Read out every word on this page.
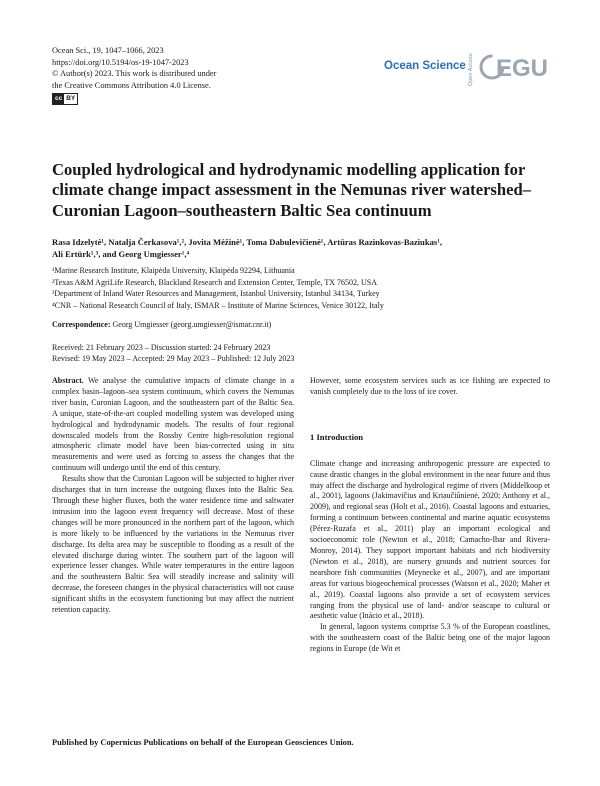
Ocean Sci., 19, 1047–1066, 2023
https://doi.org/10.5194/os-19-1047-2023
© Author(s) 2023. This work is distributed under
the Creative Commons Attribution 4.0 License.
cc BY
Ocean Science Open Access EGU
Coupled hydrological and hydrodynamic modelling application for climate change impact assessment in the Nemunas river watershed–Curonian Lagoon–southeastern Baltic Sea continuum
Rasa Idzelytė¹, Natalja Čerkasova¹,², Jovita Mėžinė¹, Toma Dabulevičienė¹, Artūras Razinkovas-Baziukas¹,
Ali Ertürk¹,³, and Georg Umgiesser¹,⁴
¹Marine Research Institute, Klaipėda University, Klaipėda 92294, Lithuania
²Texas A&M AgriLife Research, Blackland Research and Extension Center, Temple, TX 76502, USA
³Department of Inland Water Resources and Management, Istanbul University, Istanbul 34134, Turkey
⁴CNR – National Research Council of Italy, ISMAR – Institute of Marine Sciences, Venice 30122, Italy
Correspondence: Georg Umgiesser (georg.umgiesser@ismar.cnr.it)
Received: 21 February 2023 – Discussion started: 24 February 2023
Revised: 19 May 2023 – Accepted: 29 May 2023 – Published: 12 July 2023

Abstract. We analyse the cumulative impacts of climate change in a complex basin–lagoon–sea system continuum, which covers the Nemunas river basin, Curonian Lagoon, and the southeastern part of the Baltic Sea. A unique, state-of-the-art coupled modelling system was developed using hydrological and hydrodynamic models. The results of four regional downscaled models from the Rossby Centre high-resolution regional atmospheric climate model have been bias-corrected using in situ measurements and were used as forcing to assess the changes that the continuum will undergo until the end of this century.

Results show that the Curonian Lagoon will be subjected to higher river discharges that in turn increase the outgoing fluxes into the Baltic Sea. Through these higher fluxes, both the water residence time and saltwater intrusion into the lagoon event frequency will decrease. Most of these changes will be more pronounced in the northern part of the lagoon, which is more likely to be influenced by the variations in the Nemunas river discharge. Its delta area may be susceptible to flooding as a result of the elevated discharge during winter. The southern part of the lagoon will experience lesser changes. While water temperatures in the entire lagoon and the southeastern Baltic Sea will steadily increase and salinity will decrease, the foreseen changes in the physical characteristics will not cause significant shifts in the ecosystem functioning but may affect the nutrient retention capacity.

However, some ecosystem services such as ice fishing are expected to vanish completely due to the loss of ice cover.

1 Introduction

Climate change and increasing anthropogenic pressure are expected to cause drastic changes in the global environment in the near future and thus may affect the discharge and hydrological regime of rivers (Middelkoop et al., 2001), lagoons (Jakimavičius and Kriaučiūnienė, 2020; Anthony et al., 2009), and regional seas (Holt et al., 2016). Coastal lagoons and estuaries, forming a continuum between continental and marine aquatic ecosystems (Pérez-Ruzafa et al., 2011) play an important ecological and socioeconomic role (Newton et al., 2018; Camacho-Ibar and Rivera-Monroy, 2014). They support important habitats and rich biodiversity (Newton et al., 2018), are nursery grounds and nutrient sources for nearshore fish communities (Meynecke et al., 2007), and are important areas for various biogeochemical processes (Watson et al., 2020; Maher et al., 2019). Coastal lagoons also provide a set of ecosystem services ranging from the physical use of land- and/or seascape to cultural or aesthetic value (Inácio et al., 2018).

In general, lagoon systems comprise 5.3 % of the European coastlines, with the southeastern coast of the Baltic being one of the major lagoon regions in Europe (de Wit et

Published by Copernicus Publications on behalf of the European Geosciences Union.
